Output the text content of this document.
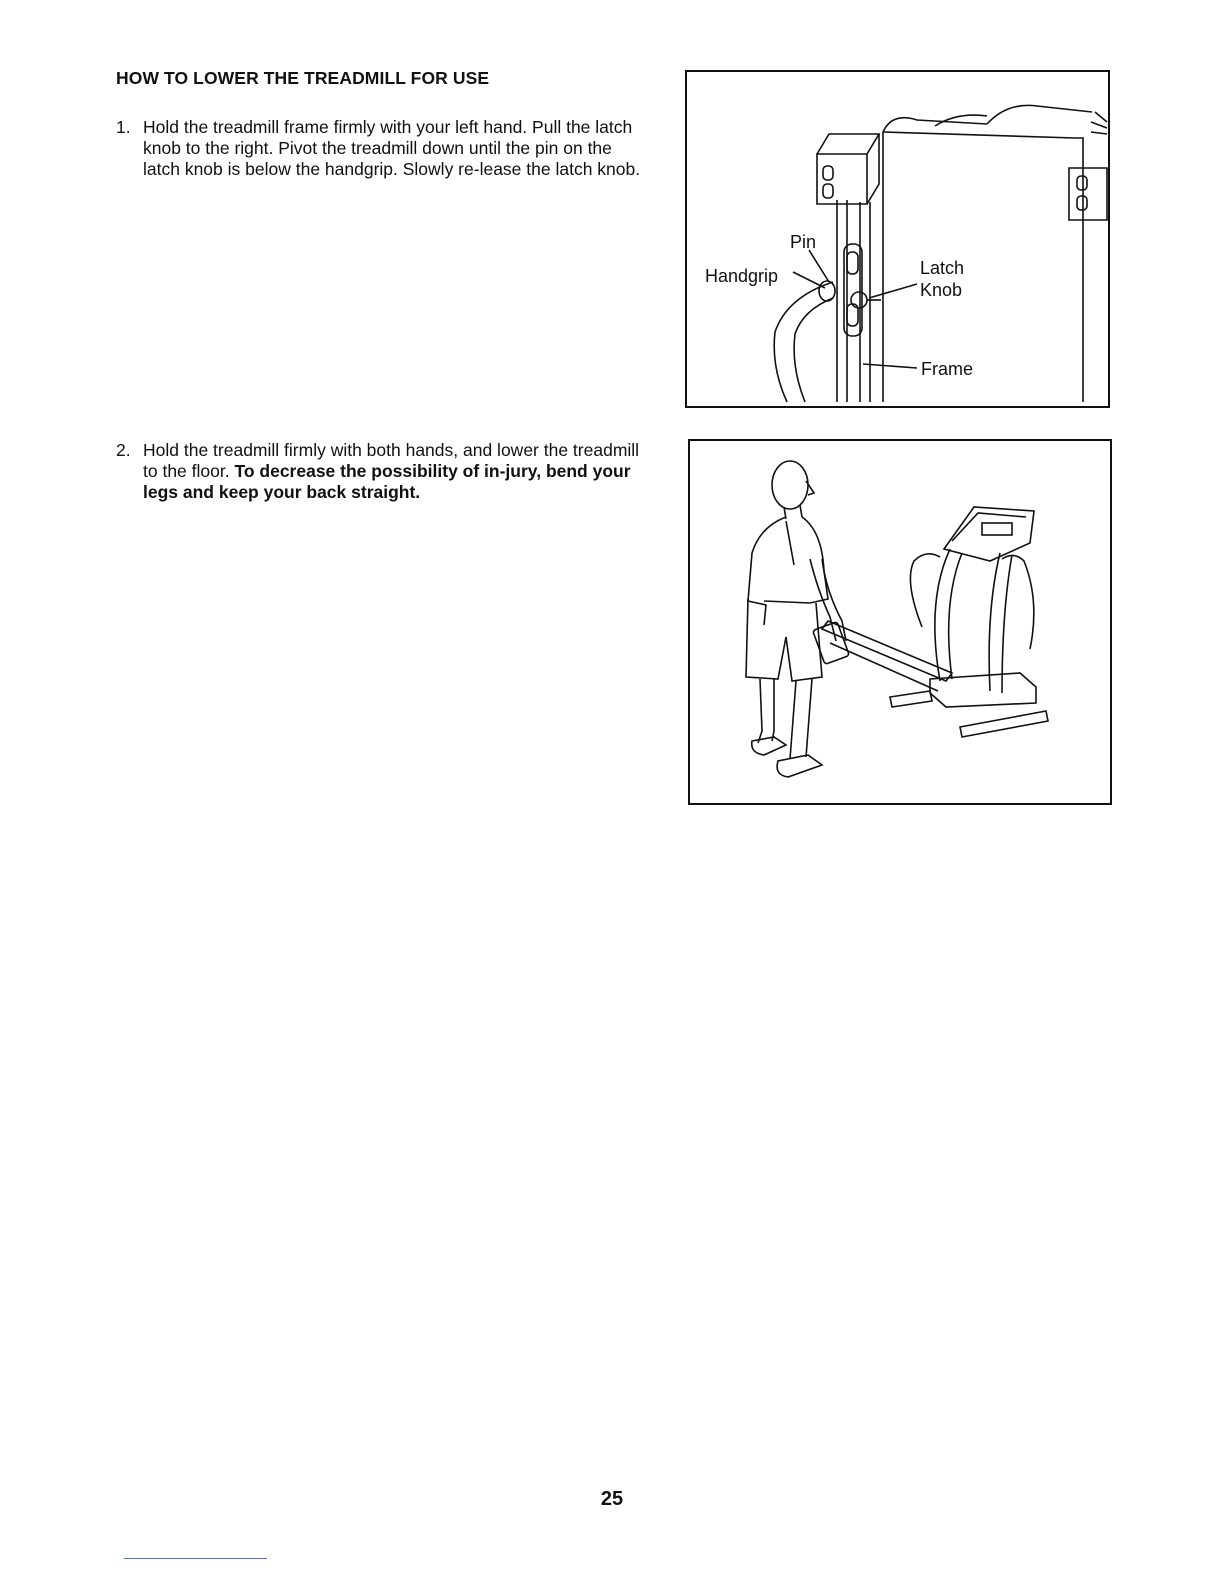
HOW TO LOWER THE TREADMILL FOR USE
1. Hold the treadmill frame firmly with your left hand. Pull the latch knob to the right. Pivot the treadmill down until the pin on the latch knob is below the handgrip. Slowly re-lease the latch knob.
2. Hold the treadmill firmly with both hands, and lower the treadmill to the floor. To decrease the possibility of in-jury, bend your legs and keep your back straight.
Pin
Handgrip	Latch
Knob
Frame
25
